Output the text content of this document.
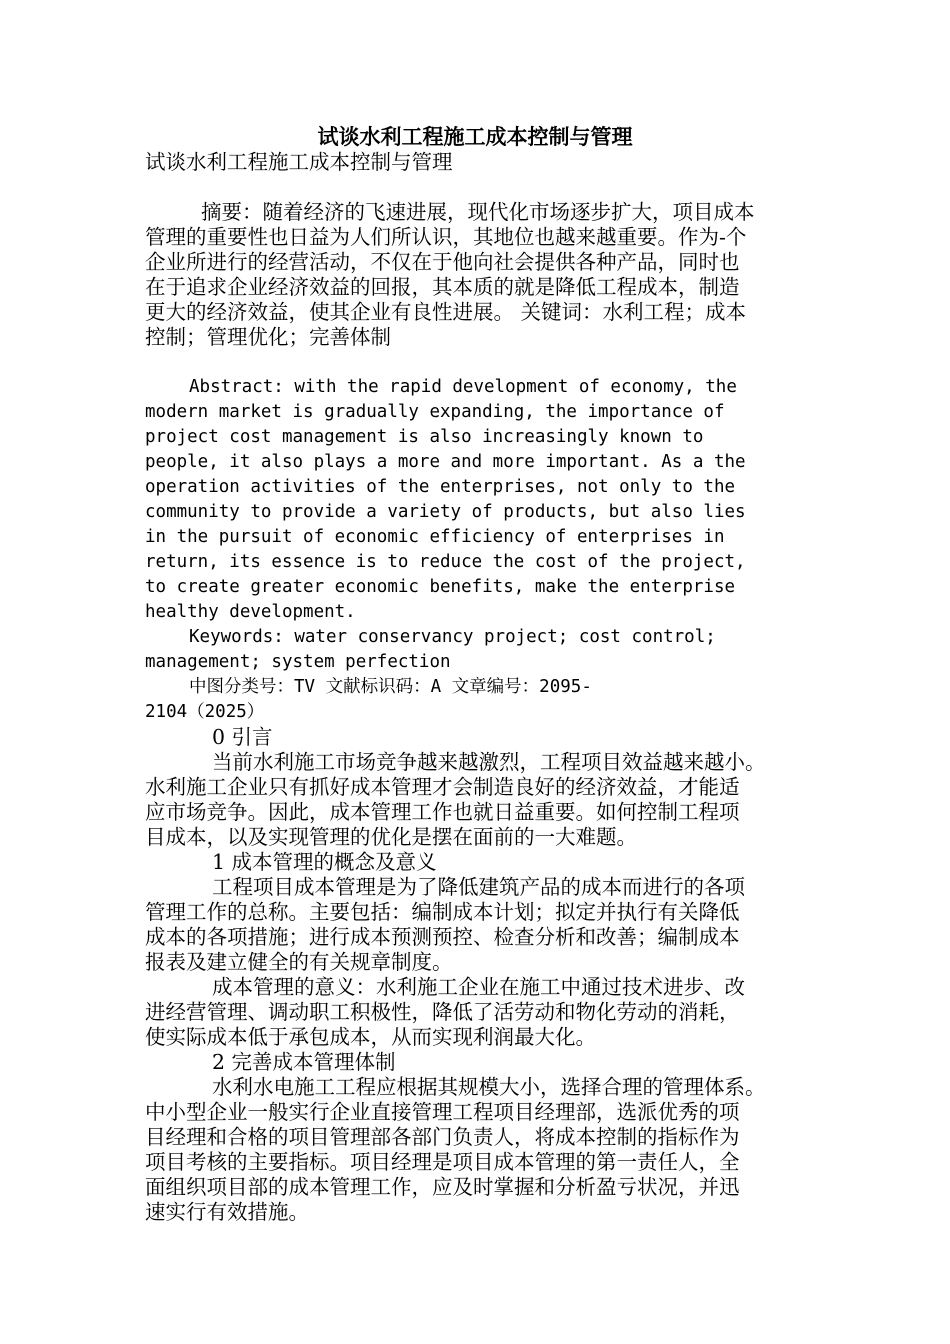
试谈水利工程施工成本控制与管理

试谈水利工程施工成本控制与管理

摘要：随着经济的飞速进展，现代化市场逐步扩大，项目成本

管理的重要性也日益为人们所认识，其地位也越来越重要。作为-个

企业所进行的经营活动，不仅在于他向社会提供各种产品，同时也

在于追求企业经济效益的回报，其本质的就是降低工程成本，制造

更大的经济效益，使其企业有良性进展。 关键词：水利工程；成本

控制；管理优化；完善体制

Abstract: with the rapid development of economy, the

modern market is gradually expanding, the importance of

project cost management is also increasingly known to

people, it also plays a more and more important. As a the

operation activities of the enterprises, not only to the

community to provide a variety of products, but also lies

in the pursuit of economic efficiency of enterprises in

return, its essence is to reduce the cost of the project,

to create greater economic benefits, make the enterprise

healthy development.

Keywords: water conservancy project; cost control;

management; system perfection

中图分类号：TV 文献标识码：A 文章编号：2095-

2104（2025）

0 引言

当前水利施工市场竞争越来越激烈，工程项目效益越来越小。

水利施工企业只有抓好成本管理才会制造良好的经济效益，才能适

应市场竞争。因此，成本管理工作也就日益重要。如何控制工程项

目成本，以及实现管理的优化是摆在面前的一大难题。

1 成本管理的概念及意义

工程项目成本管理是为了降低建筑产品的成本而进行的各项

管理工作的总称。主要包括：编制成本计划；拟定并执行有关降低

成本的各项措施；进行成本预测预控、检查分析和改善；编制成本

报表及建立健全的有关规章制度。

成本管理的意义：水利施工企业在施工中通过技术进步、改

进经营管理、调动职工积极性，降低了活劳动和物化劳动的消耗，

使实际成本低于承包成本，从而实现利润最大化。

2 完善成本管理体制

水利水电施工工程应根据其规模大小，选择合理的管理体系。

中小型企业一般实行企业直接管理工程项目经理部，选派优秀的项

目经理和合格的项目管理部各部门负责人，将成本控制的指标作为

项目考核的主要指标。项目经理是项目成本管理的第一责任人，全

面组织项目部的成本管理工作，应及时掌握和分析盈亏状况，并迅

速实行有效措施。
